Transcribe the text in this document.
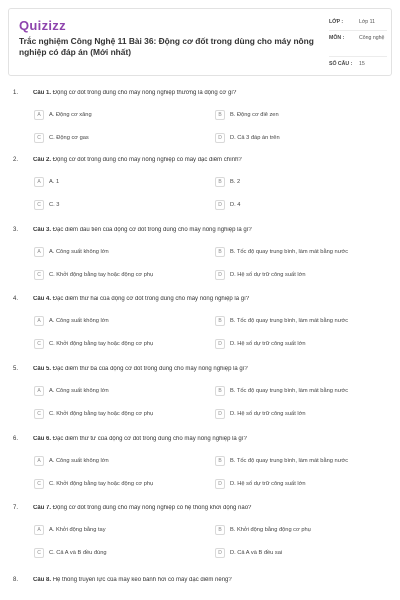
Quizizz
Trắc nghiệm Công Nghệ 11 Bài 36: Động cơ đốt trong dùng cho máy nông nghiệp có đáp án (Mới nhất)
LỚP :	Lớp 11
MÔN :	Công nghệ
SỐ CÂU :	15
1. Câu 1. Động cơ đốt trong dùng cho máy nông nghiệp thường là động cơ gì?
A	A. Động cơ xăng	B	B. Động cơ điê zen
C	C. Động cơ gas	D	D. Cả 3 đáp án trên
2. Câu 2. Động cơ đốt trong dùng cho máy nông nghiệp có mấy đặc điểm chính?
A	A. 1	B	B. 2
C	C. 3	D	D. 4
3. Câu 3. Đặc điểm đầu tiên của động cơ đốt trong dùng cho máy nông nghiệp là gì?
A	A. Công suất không lớn	B	B. Tốc độ quay trung bình, làm mát bằng nước
C	C. Khởi động bằng tay hoặc động cơ phụ	D	D. Hệ số dự trữ công suất lớn
4. Câu 4. Đặc điểm thứ hai của động cơ đốt trong dùng cho máy nông nghiệp là gì?
A	A. Công suất không lớn	B	B. Tốc độ quay trung bình, làm mát bằng nước
C	C. Khởi động bằng tay hoặc động cơ phụ	D	D. Hệ số dự trữ công suất lớn
5. Câu 5. Đặc điểm thứ ba của động cơ đốt trong dùng cho máy nông nghiệp là gì?
A	A. Công suất không lớn	B	B. Tốc độ quay trung bình, làm mát bằng nước
C	C. Khởi động bằng tay hoặc động cơ phụ	D	D. Hệ số dự trữ công suất lớn
6. Câu 6. Đặc điểm thứ tư của động cơ đốt trong dùng cho máy nông nghiệp là gì?
A	A. Công suất không lớn	B	B. Tốc độ quay trung bình, làm mát bằng nước
C	C. Khởi động bằng tay hoặc động cơ phụ	D	D. Hệ số dự trữ công suất lớn
7. Câu 7. Động cơ đốt trong dùng cho máy nông nghiệp có hệ thống khởi động nào?
A	A. Khởi động bằng tay	B	B. Khởi động bằng động cơ phụ
C	C. Cả A và B đều đúng	D	D. Cả A và B đều sai
8. Câu 8. Hệ thống truyền lực của máy kéo bánh hơi có mấy đặc điểm riêng?
